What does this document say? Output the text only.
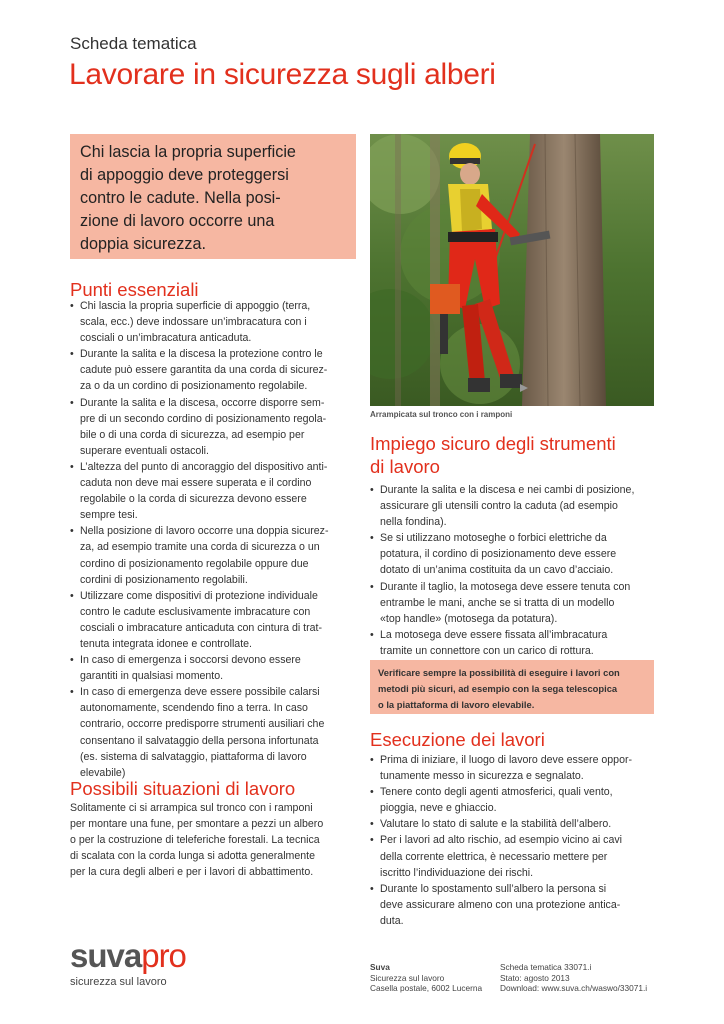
Scheda tematica
Lavorare in sicurezza sugli alberi

Chi lascia la propria superficie

di appoggio deve proteggersi

contro le cadute. Nella posi-

zione di lavoro occorre una

doppia sicurezza.

Arrampicata sul tronco con i ramponi
Punti essenziali
• Chi lascia la propria superficie di appoggio (terra,
scala, ecc.) deve indossare un’imbracatura con i
cosciali o un’imbracatura anticaduta.
• Durante la salita e la discesa la protezione contro le
cadute può essere garantita da una corda di sicurez-
za o da un cordino di posizionamento regolabile.
• Durante la salita e la discesa, occorre disporre sem-
pre di un secondo cordino di posizionamento regola-
bile o di una corda di sicurezza, ad esempio per
superare eventuali ostacoli.
• L’altezza del punto di ancoraggio del dispositivo anti-
caduta non deve mai essere superata e il cordino
regolabile o la corda di sicurezza devono essere
sempre tesi.
• Nella posizione di lavoro occorre una doppia sicurez-
za, ad esempio tramite una corda di sicurezza o un
cordino di posizionamento regolabile oppure due
cordini di posizionamento regolabili.
• Utilizzare come dispositivi di protezione individuale
contro le cadute esclusivamente imbracature con
cosciali o imbracature anticaduta con cintura di trat-
tenuta integrata idonee e controllate.
• In caso di emergenza i soccorsi devono essere
garantiti in qualsiasi momento.
• In caso di emergenza deve essere possibile calarsi
autonomamente, scendendo fino a terra. In caso
contrario, occorre predisporre strumenti ausiliari che
consentano il salvataggio della persona infortunata
(es. sistema di salvataggio, piattaforma di lavoro
elevabile)
Possibili situazioni di lavoro
Solitamente ci si arrampica sul tronco con i ramponi
per montare una fune, per smontare a pezzi un albero
o per la costruzione di teleferiche forestali. La tecnica
di scalata con la corda lunga si adotta generalmente
per la cura degli alberi e per i lavori di abbattimento.
Impiego sicuro degli strumenti
di lavoro
• Durante la salita e la discesa e nei cambi di posizione,
assicurare gli utensili contro la caduta (ad esempio
nella fondina).
• Se si utilizzano motoseghe o forbici elettriche da
potatura, il cordino di posizionamento deve essere
dotato di un’anima costituita da un cavo d’acciaio.
• Durante il taglio, la motosega deve essere tenuta con
entrambe le mani, anche se si tratta di un modello
«top handle» (motosega da potatura).
• La motosega deve essere fissata all’imbracatura
tramite un connettore con un carico di rottura.
Verificare sempre la possibilità di eseguire i lavori con
metodi più sicuri, ad esempio con la sega telescopica
o la piattaforma di lavoro elevabile.
Esecuzione dei lavori
• Prima di iniziare, il luogo di lavoro deve essere oppor-
tunamente messo in sicurezza e segnalato.
• Tenere conto degli agenti atmosferici, quali vento,
pioggia, neve e ghiaccio.
• Valutare lo stato di salute e la stabilità dell’albero.
• Per i lavori ad alto rischio, ad esempio vicino ai cavi
della corrente elettrica, è necessario mettere per
iscritto l’individuazione dei rischi.
• Durante lo spostamento sull’albero la persona si
deve assicurare almeno con una protezione antica-
duta.
suvapro
sicurezza sul lavoro
Suva
Sicurezza sul lavoro
Casella postale, 6002 Lucerna
Scheda tematica 33071.i
Stato: agosto 2013
Download: www.suva.ch/waswo/33071.i
